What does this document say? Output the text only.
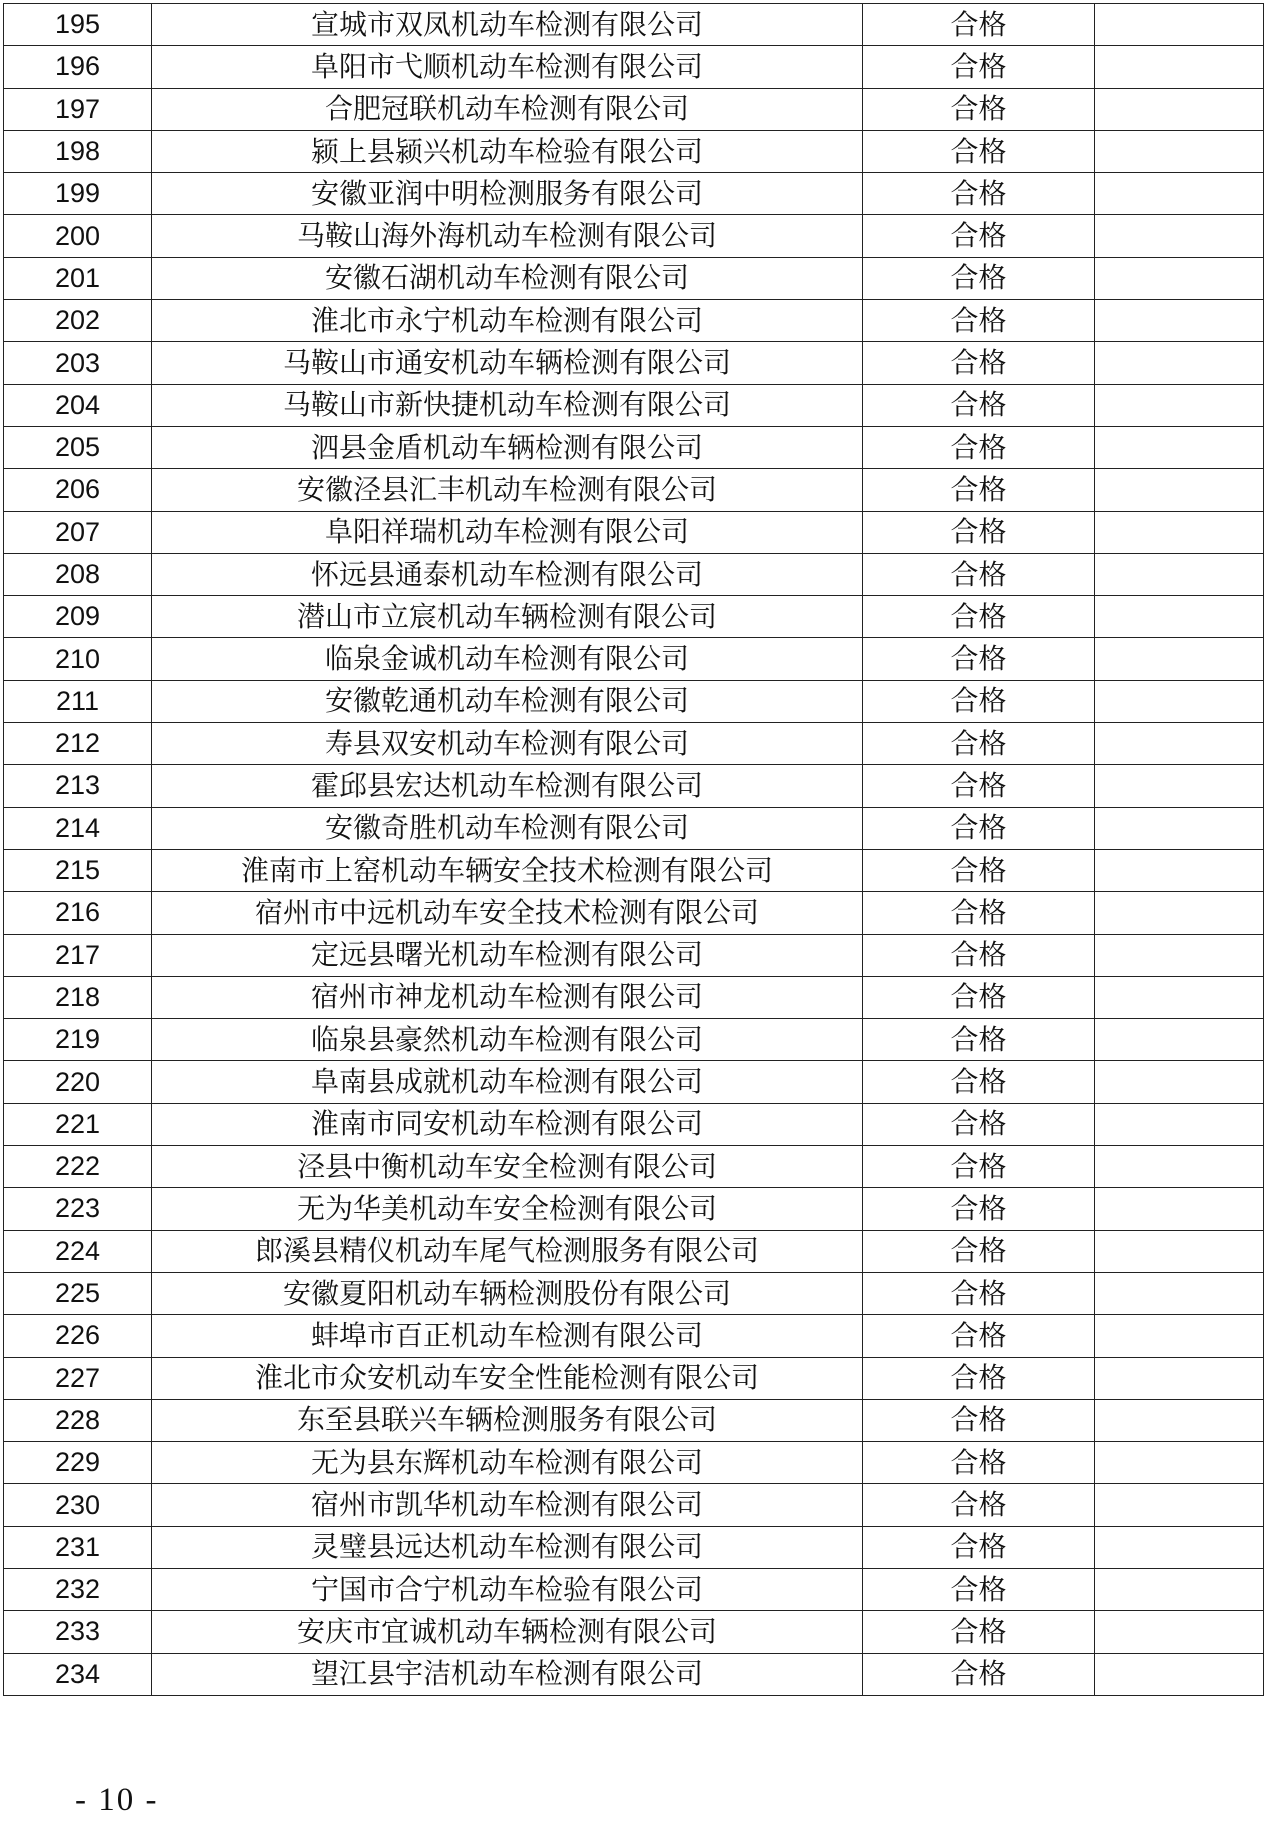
195	宣城市双凤机动车检测有限公司	合格	
196	阜阳市弋顺机动车检测有限公司	合格	
197	合肥冠联机动车检测有限公司	合格	
198	颍上县颍兴机动车检验有限公司	合格	
199	安徽亚润中明检测服务有限公司	合格	
200	马鞍山海外海机动车检测有限公司	合格	
201	安徽石湖机动车检测有限公司	合格	
202	淮北市永宁机动车检测有限公司	合格	
203	马鞍山市通安机动车辆检测有限公司	合格	
204	马鞍山市新快捷机动车检测有限公司	合格	
205	泗县金盾机动车辆检测有限公司	合格	
206	安徽泾县汇丰机动车检测有限公司	合格	
207	阜阳祥瑞机动车检测有限公司	合格	
208	怀远县通泰机动车检测有限公司	合格	
209	潜山市立宸机动车辆检测有限公司	合格	
210	临泉金诚机动车检测有限公司	合格	
211	安徽乾通机动车检测有限公司	合格	
212	寿县双安机动车检测有限公司	合格	
213	霍邱县宏达机动车检测有限公司	合格	
214	安徽奇胜机动车检测有限公司	合格	
215	淮南市上窑机动车辆安全技术检测有限公司	合格	
216	宿州市中远机动车安全技术检测有限公司	合格	
217	定远县曙光机动车检测有限公司	合格	
218	宿州市神龙机动车检测有限公司	合格	
219	临泉县豪然机动车检测有限公司	合格	
220	阜南县成就机动车检测有限公司	合格	
221	淮南市同安机动车检测有限公司	合格	
222	泾县中衡机动车安全检测有限公司	合格	
223	无为华美机动车安全检测有限公司	合格	
224	郎溪县精仪机动车尾气检测服务有限公司	合格	
225	安徽夏阳机动车辆检测股份有限公司	合格	
226	蚌埠市百正机动车检测有限公司	合格	
227	淮北市众安机动车安全性能检测有限公司	合格	
228	东至县联兴车辆检测服务有限公司	合格	
229	无为县东辉机动车检测有限公司	合格	
230	宿州市凯华机动车检测有限公司	合格	
231	灵璧县远达机动车检测有限公司	合格	
232	宁国市合宁机动车检验有限公司	合格	
233	安庆市宜诚机动车辆检测有限公司	合格	
234	望江县宇洁机动车检测有限公司	合格	
- 10 -
